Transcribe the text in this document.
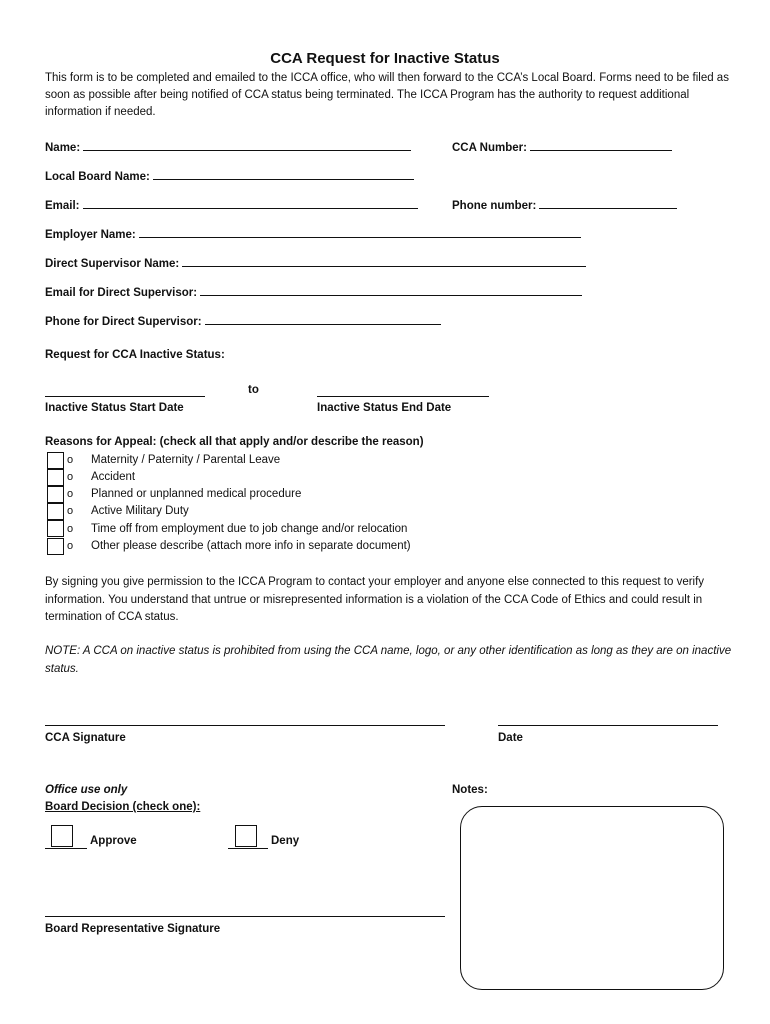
CCA Request for Inactive Status
This form is to be completed and emailed to the ICCA office, who will then forward to the CCA’s Local Board. Forms need to be filed as soon as possible after being notified of CCA status being terminated. The ICCA Program has the authority to request additional information if needed.
Name:	CCA Number:
Local Board Name:
Email:	Phone number:
Employer Name:
Direct Supervisor Name:
Email for Direct Supervisor:
Phone for Direct Supervisor:
Request for CCA Inactive Status:
to
Inactive Status Start Date	Inactive Status End Date
Reasons for Appeal: (check all that apply and/or describe the reason)
o Maternity / Paternity / Parental Leave
o Accident
o Planned or unplanned medical procedure
o Active Military Duty
o Time off from employment due to job change and/or relocation
o Other please describe (attach more info in separate document)
By signing you give permission to the ICCA Program to contact your employer and anyone else connected to this request to verify information. You understand that untrue or misrepresented information is a violation of the CCA Code of Ethics and could result in termination of CCA status.
NOTE: A CCA on inactive status is prohibited from using the CCA name, logo, or any other identification as long as they are on inactive status.
CCA Signature	Date
Office use only
Board Decision (check one):
Notes:
Approve	Deny
Board Representative Signature
